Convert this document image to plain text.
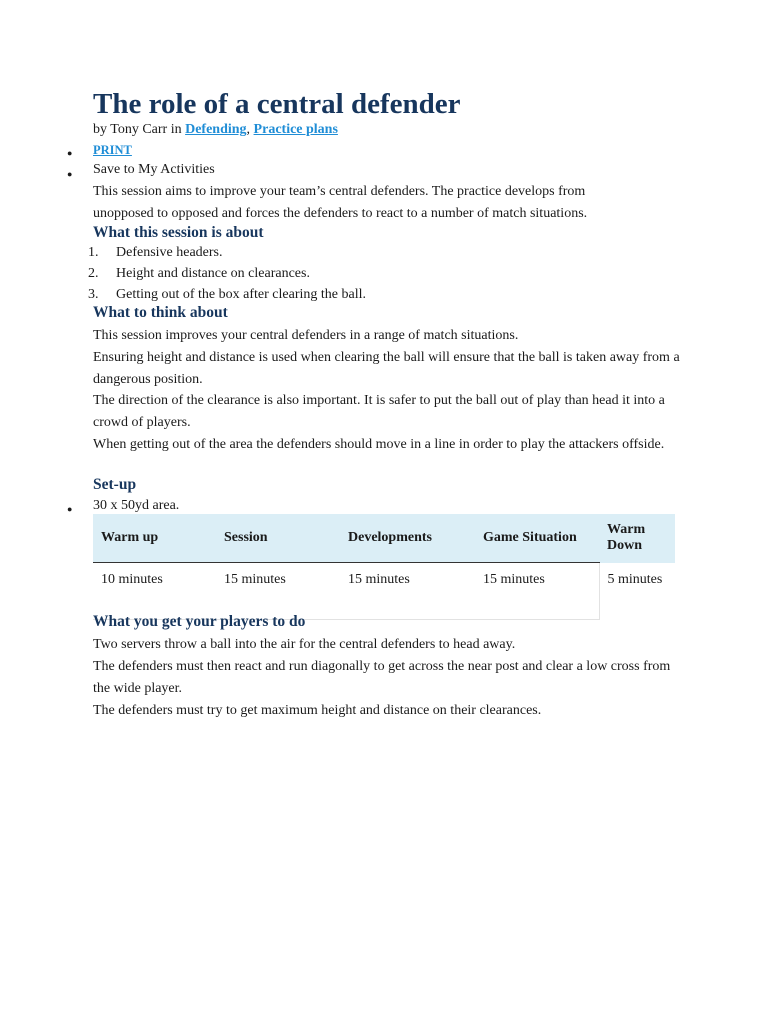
The role of a central defender
by Tony Carr in Defending, Practice plans
● PRINT
● Save to My Activities
This session aims to improve your team’s central defenders. The practice develops from
unopposed to opposed and forces the defenders to react to a number of match situations.
What this session is about
1. Defensive headers.
2. Height and distance on clearances.
3. Getting out of the box after clearing the ball.
What to think about
This session improves your central defenders in a range of match situations.
Ensuring height and distance is used when clearing the ball will ensure that the ball is taken away from a dangerous position.
The direction of the clearance is also important. It is safer to put the ball out of play than head it into a crowd of players.
When getting out of the area the defenders should move in a line in order to play the attackers offside.
Set-up
● 30 x 50yd area.
Warm up	Session	Developments	Game Situation	Warm Down
10 minutes	15 minutes	15 minutes	15 minutes	5 minutes
What you get your players to do
Two servers throw a ball into the air for the central defenders to head away.
The defenders must then react and run diagonally to get across the near post and clear a low cross from the wide player.
The defenders must try to get maximum height and distance on their clearances.
